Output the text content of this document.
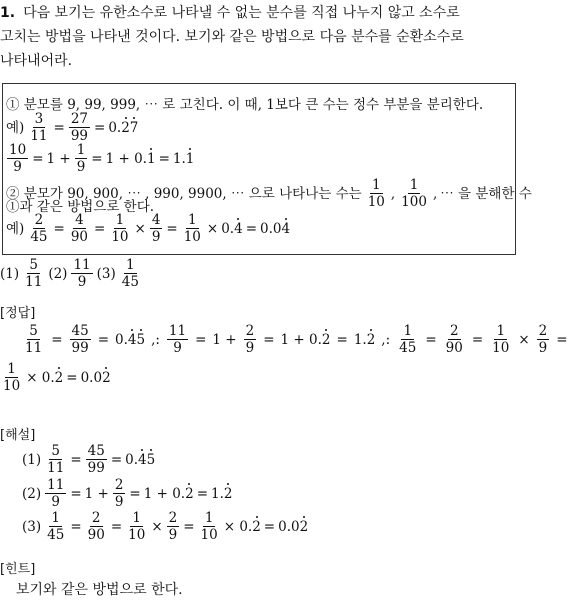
1. 다음 보기는 유한소수로 나타낼 수 없는 분수를 직접 나누지 않고 소수로
고치는 방법을 나타낸 것이다. 보기와 같은 방법으로 다음 분수를 순환소수로
나타내어라.
① 분모를 9, 99, 999, ⋯ 로 고친다. 이 때, 1보다 큰 수는 정수 부분을 분리한다.
예) $\frac{3}{11} = \frac{27}{99} = 0.27$
$\frac{10}{9} = 1 + \frac{1}{9} = 1 + 0.1 = 1.1$
② 분모가 90, 900, ⋯ , 990, 9900, ⋯ 으로 나타나는 수는 $\frac{1}{10}$ , $\frac{1}{100}$ , ⋯ 을 분해한 수
①과 같은 방법으로 한다.
예) $\frac{2}{45} = \frac{4}{90} = \frac{1}{10} \times \frac{4}{9} = \frac{1}{10} \times 0.4 = 0.04$
$(1) \frac{5}{11} (2) \frac{11}{9} (3) \frac{1}{45}$
[정답]
$\frac{5}{11} = \frac{45}{99} = 0.45$ ,: $\frac{11}{9} = 1 + \frac{2}{9} = 1 + 0.2 = 1.2$ ,: $\frac{1}{45} = \frac{2}{90} = \frac{1}{10} \times \frac{2}{9}$ =
$\frac{1}{10} \times 0.2 = 0.02$
[해설]
$(1) \frac{5}{11} = \frac{45}{99} = 0.45$
$(2) \frac{11}{9} = 1 + \frac{2}{9} = 1 + 0.2 = 1.2$
$(3) \frac{1}{45} = \frac{2}{90} = \frac{1}{10} \times \frac{2}{9} = \frac{1}{10} \times 0.2 = 0.02$
[힌트]
보기와 같은 방법으로 한다.
